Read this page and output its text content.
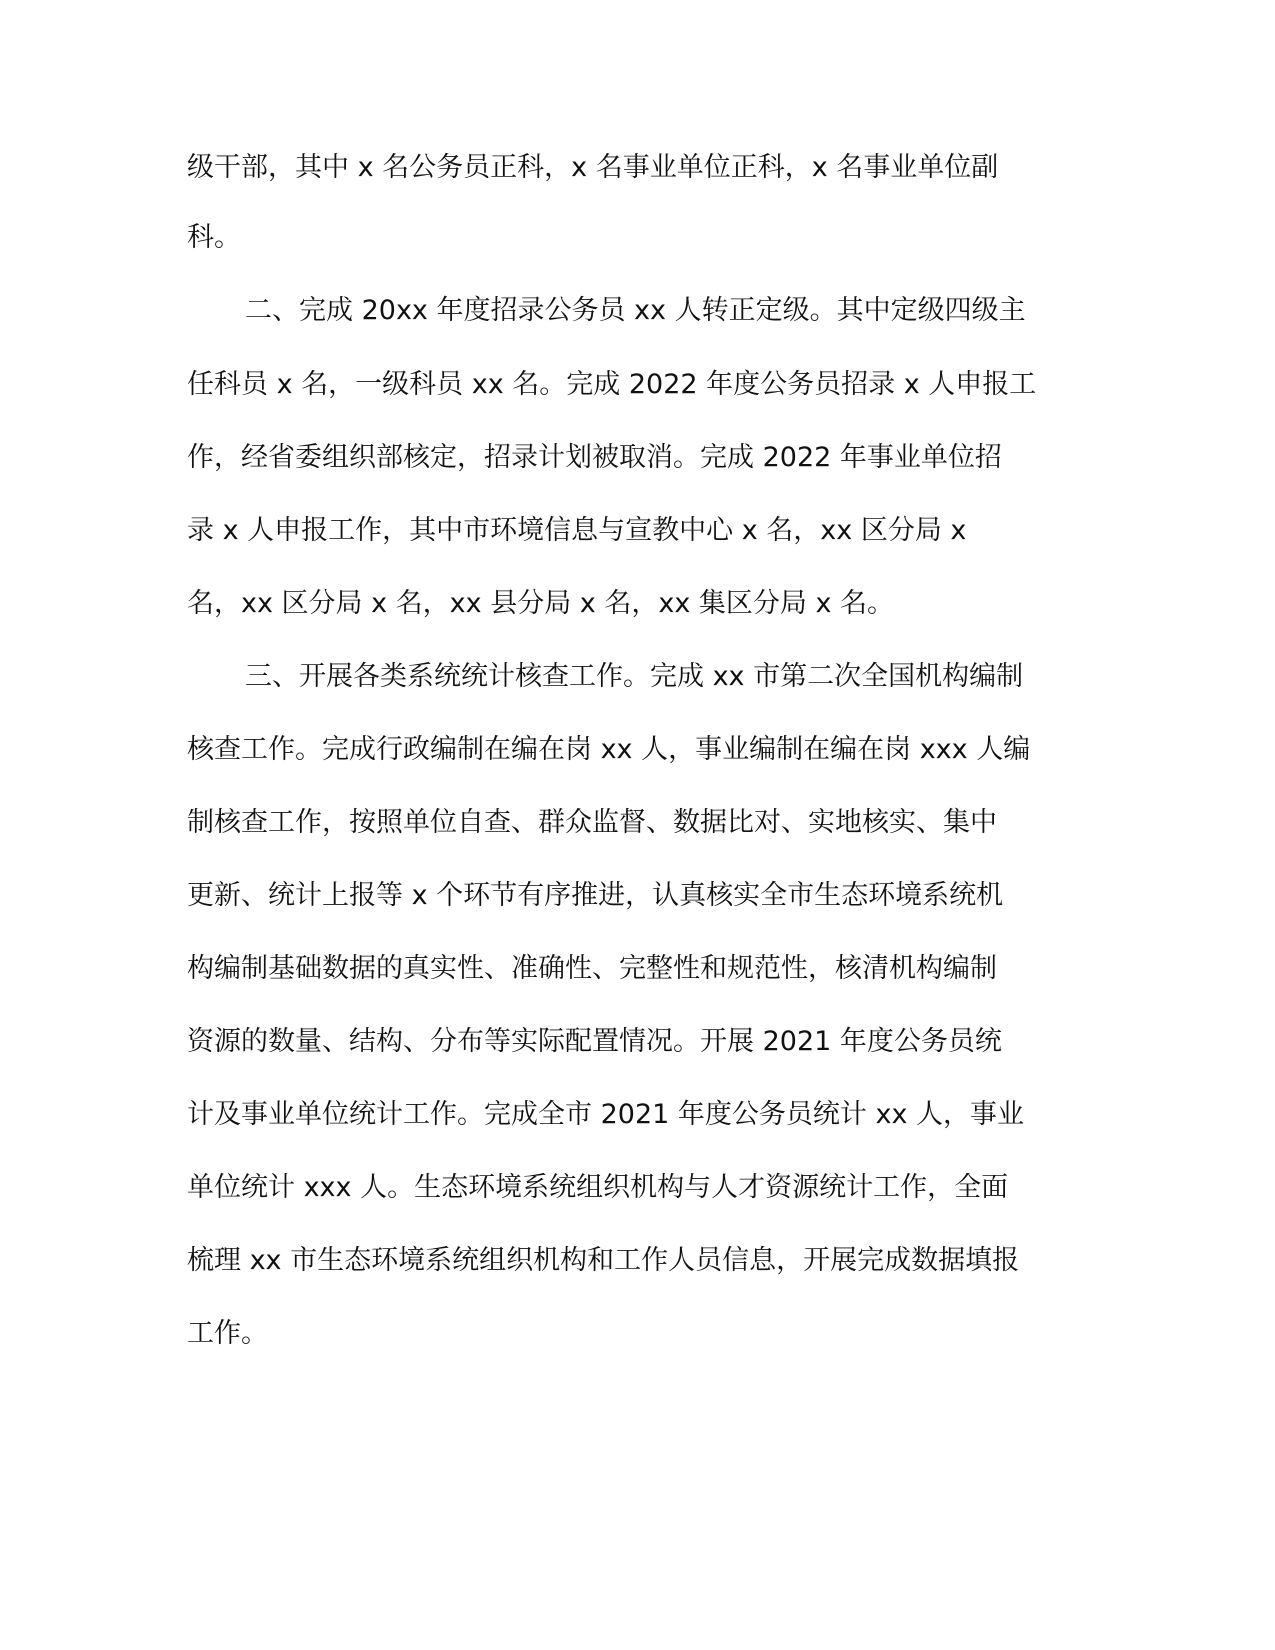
级干部，其中 x 名公务员正科，x 名事业单位正科，x 名事业单位副
科。
二、完成 20xx 年度招录公务员 xx 人转正定级。其中定级四级主
任科员 x 名，一级科员 xx 名。完成 2022 年度公务员招录 x 人申报工
作，经省委组织部核定，招录计划被取消。完成 2022 年事业单位招
录 x 人申报工作，其中市环境信息与宣教中心 x 名，xx 区分局 x
名，xx 区分局 x 名，xx 县分局 x 名，xx 集区分局 x 名。
三、开展各类系统统计核查工作。完成 xx 市第二次全国机构编制
核查工作。完成行政编制在编在岗 xx 人，事业编制在编在岗 xxx 人编
制核查工作，按照单位自查、群众监督、数据比对、实地核实、集中
更新、统计上报等 x 个环节有序推进，认真核实全市生态环境系统机
构编制基础数据的真实性、准确性、完整性和规范性，核清机构编制
资源的数量、结构、分布等实际配置情况。开展 2021 年度公务员统
计及事业单位统计工作。完成全市 2021 年度公务员统计 xx 人，事业
单位统计 xxx 人。生态环境系统组织机构与人才资源统计工作，全面
梳理 xx 市生态环境系统组织机构和工作人员信息，开展完成数据填报
工作。
